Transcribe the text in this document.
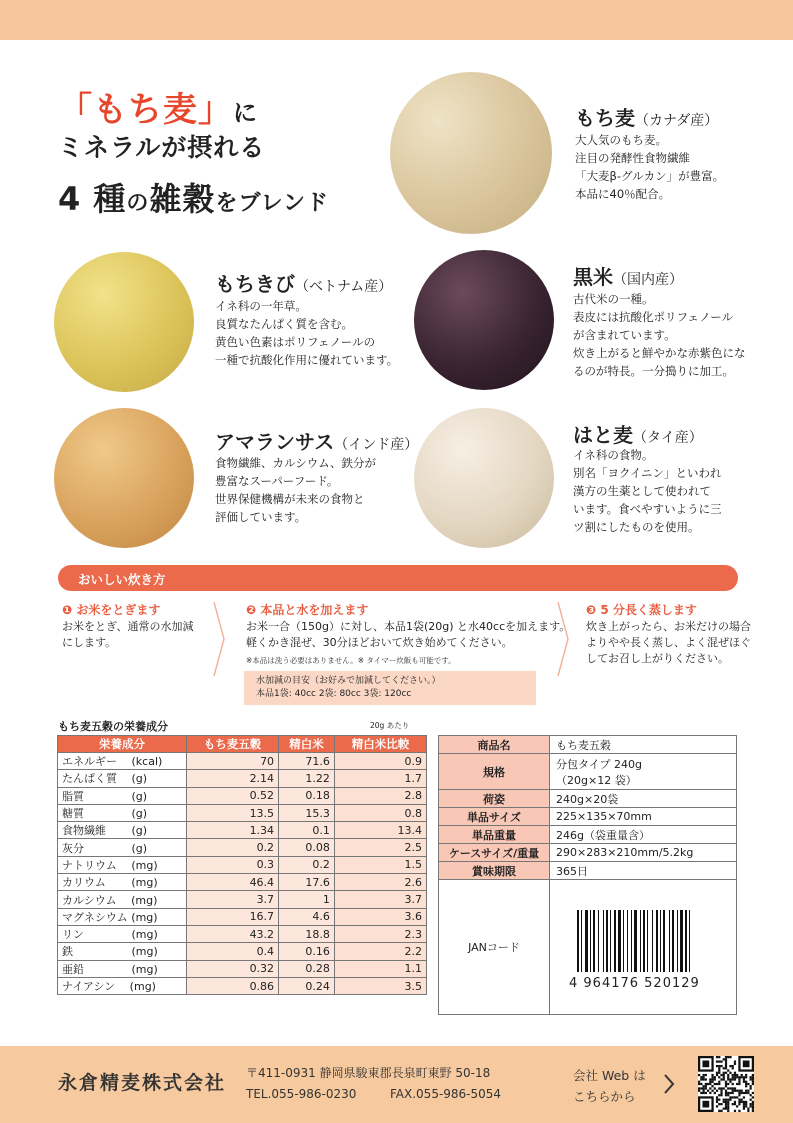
「もち麦」に
ミネラルが摂れる
4 種の雑穀をブレンド
もち麦（カナダ産）
大人気のもち麦。
注目の発酵性食物繊維
「大麦β-グルカン」が豊富。
本品に40％配合。
もちきび（ベトナム産）
イネ科の一年草。
良質なたんぱく質を含む。
黄色い色素はポリフェノールの
一種で抗酸化作用に優れています。
黒米（国内産）
古代米の一種。
表皮には抗酸化ポリフェノール
が含まれています。
炊き上がると鮮やかな赤紫色にな
るのが特長。一分搗りに加工。
アマランサス（インド産）
食物繊維、カルシウム、鉄分が
豊富なスーパーフード。
世界保健機構が未来の食物と
評価しています。
はと麦（タイ産）
イネ科の食物。
別名「ヨクイニン」といわれ
漢方の生薬として使われて
います。食べやすいように三
ツ割にしたものを使用。
おいしい炊き方
❶ お米をとぎます
お米をとぎ、通常の水加減
にします。
❷ 本品と水を加えます
お米一合（150g）に対し、本品1袋(20g) と水40ccを加えます。
軽くかき混ぜ、30分ほどおいて炊き始めてください。
※本品は洗う必要はありません。※ タイマー炊飯も可能です。
水加減の目安（お好みで加減してください。）
本品1袋: 40cc 2袋: 80cc 3袋: 120cc
❸ 5 分長く蒸します
炊き上がったら、お米だけの場合
よりやや長く蒸し、よく混ぜほぐ
してお召し上がりください。
もち麦五穀の栄養成分	20g あたり
栄養成分	もち麦五穀	精白米	精白米比較
エネルギー　 (kcal)	70	71.6	0.9
たんぱく質　 (g)	2.14	1.22	1.7
脂質　　　　 (g)	0.52	0.18	2.8
糖質　　　　 (g)	13.5	15.3	0.8
食物繊維　　 (g)	1.34	0.1	13.4
灰分　　　　 (g)	0.2	0.08	2.5
ナトリウム　 (mg)	0.3	0.2	1.5
カリウム　　 (mg)	46.4	17.6	2.6
カルシウム　 (mg)	3.7	1	3.7
マグネシウム (mg)	16.7	4.6	3.6
リン　　　　 (mg)	43.2	18.8	2.3
鉄　　　　　 (mg)	0.4	0.16	2.2
亜鉛　　　　 (mg)	0.32	0.28	1.1
ナイアシン　 (mg)	0.86	0.24	3.5
商品名	もち麦五穀
規格	分包タイプ 240g
（20g×12 袋）

荷姿	240g×20袋
単品サイズ	225×135×70mm
単品重量	246g（袋重量含）
ケースサイズ/重量	290×283×210mm/5.2kg
賞味期限	365日
JANコード	
4 964176 520129
永倉精麦株式会社 〒411-0931 静岡県駿東郡長泉町東野 50-18
TEL.055-986-0230	FAX.055-986-5054
会社 Web は
こちらから
